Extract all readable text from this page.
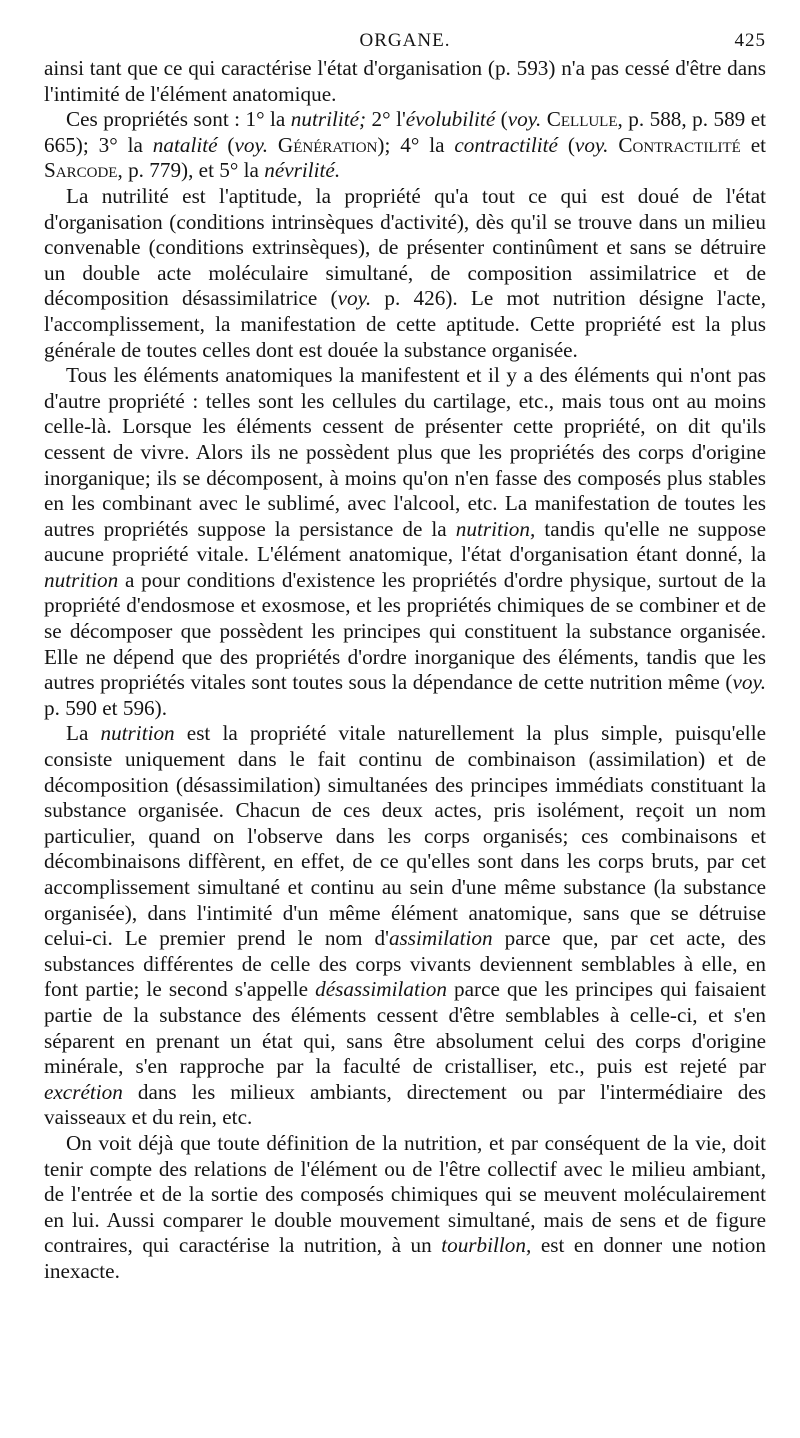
ORGANE.	425

ainsi tant que ce qui caractérise l'état d'organisation (p. 593) n'a pas cessé d'être dans l'intimité de l'élément anatomique.

Ces propriétés sont : 1° la nutrilité; 2° l'évolubilité (voy. Cellule, p. 588, p. 589 et 665); 3° la natalité (voy. Génération); 4° la contractilité (voy. Contractilité et Sarcode, p. 779), et 5° la névrilité.

La nutrilité est l'aptitude, la propriété qu'a tout ce qui est doué de l'état d'organisation (conditions intrinsèques d'activité), dès qu'il se trouve dans un milieu convenable (conditions extrinsèques), de présenter continûment et sans se détruire un double acte moléculaire simultané, de composition assimilatrice et de décomposition désassimilatrice (voy. p. 426). Le mot nutrition désigne l'acte, l'accomplissement, la manifestation de cette aptitude. Cette propriété est la plus générale de toutes celles dont est douée la substance organisée.

Tous les éléments anatomiques la manifestent et il y a des éléments qui n'ont pas d'autre propriété : telles sont les cellules du cartilage, etc., mais tous ont au moins celle-là. Lorsque les éléments cessent de présenter cette propriété, on dit qu'ils cessent de vivre. Alors ils ne possèdent plus que les propriétés des corps d'origine inorganique; ils se décomposent, à moins qu'on n'en fasse des composés plus stables en les combinant avec le sublimé, avec l'alcool, etc. La manifestation de toutes les autres propriétés suppose la persistance de la nutrition, tandis qu'elle ne suppose aucune propriété vitale. L'élément anatomique, l'état d'organisation étant donné, la nutrition a pour conditions d'existence les propriétés d'ordre physique, surtout de la propriété d'endosmose et exosmose, et les propriétés chimiques de se combiner et de se décomposer que possèdent les principes qui constituent la substance organisée. Elle ne dépend que des propriétés d'ordre inorganique des éléments, tandis que les autres propriétés vitales sont toutes sous la dépendance de cette nutrition même (voy. p. 590 et 596).

La nutrition est la propriété vitale naturellement la plus simple, puisqu'elle consiste uniquement dans le fait continu de combinaison (assimilation) et de décomposition (désassimilation) simultanées des principes immédiats constituant la substance organisée. Chacun de ces deux actes, pris isolément, reçoit un nom particulier, quand on l'observe dans les corps organisés; ces combinaisons et décombinaisons diffèrent, en effet, de ce qu'elles sont dans les corps bruts, par cet accomplissement simultané et continu au sein d'une même substance (la substance organisée), dans l'intimité d'un même élément anatomique, sans que se détruise celui-ci. Le premier prend le nom d'assimilation parce que, par cet acte, des substances différentes de celle des corps vivants deviennent semblables à elle, en font partie; le second s'appelle désassimilation parce que les principes qui faisaient partie de la substance des éléments cessent d'être semblables à celle-ci, et s'en séparent en prenant un état qui, sans être absolument celui des corps d'origine minérale, s'en rapproche par la faculté de cristalliser, etc., puis est rejeté par excrétion dans les milieux ambiants, directement ou par l'intermédiaire des vaisseaux et du rein, etc.

On voit déjà que toute définition de la nutrition, et par conséquent de la vie, doit tenir compte des relations de l'élément ou de l'être collectif avec le milieu ambiant, de l'entrée et de la sortie des composés chimiques qui se meuvent moléculairement en lui. Aussi comparer le double mouvement simultané, mais de sens et de figure contraires, qui caractérise la nutrition, à un tourbillon, est en donner une notion inexacte.
